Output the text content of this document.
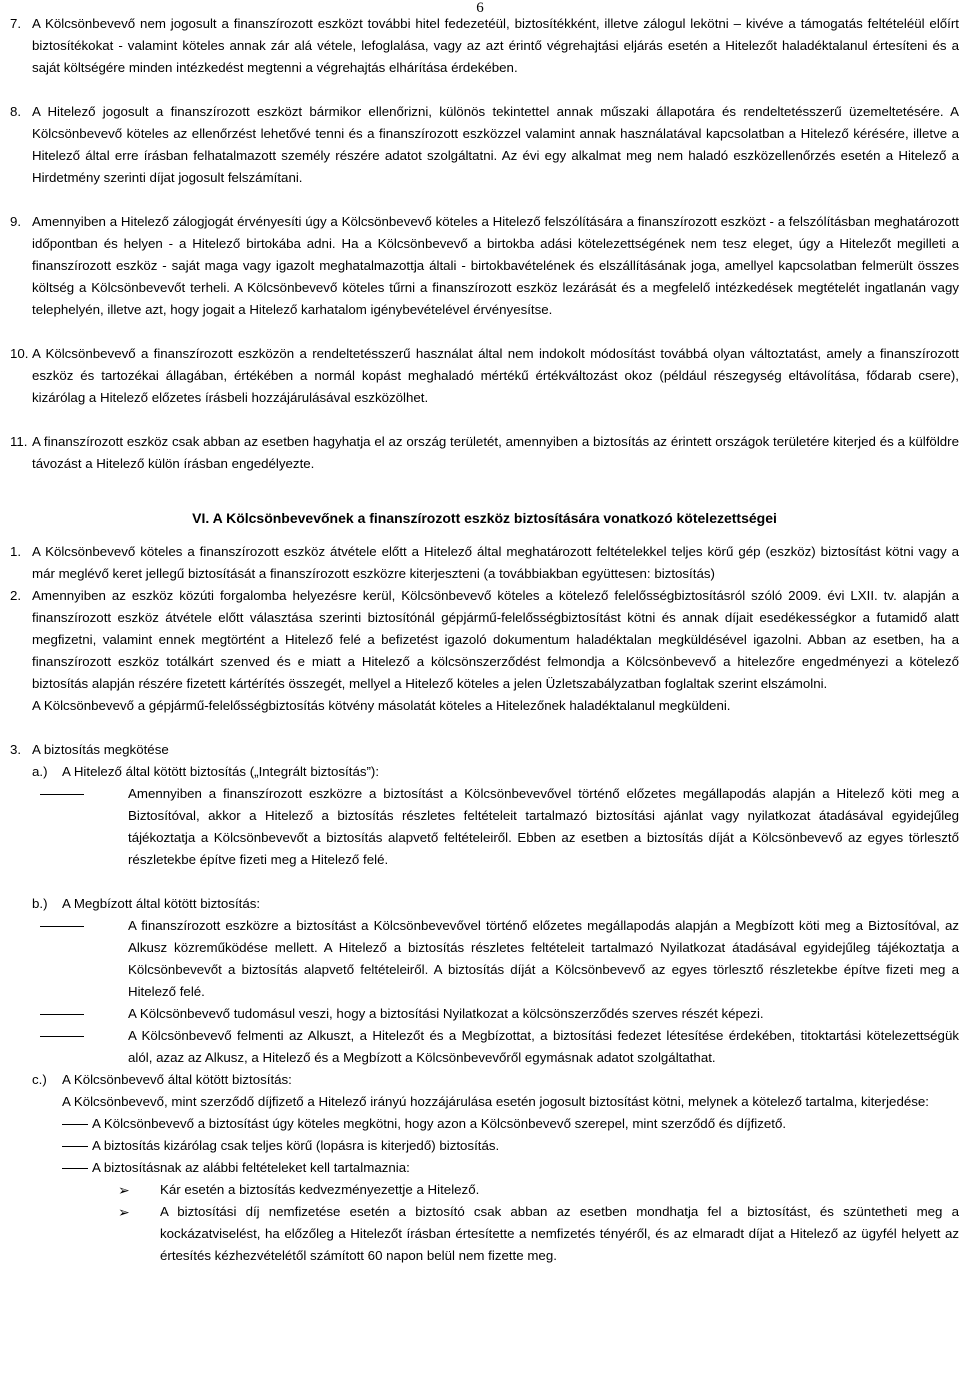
6
7. A Kölcsönbevevő nem jogosult a finanszírozott eszközt további hitel fedezetéül, biztosítékként, illetve zálogul lekötni – kivéve a támogatás feltételéül előírt biztosítékokat - valamint köteles annak zár alá vétele, lefoglalása, vagy az azt érintő végrehajtási eljárás esetén a Hitelezőt haladéktalanul értesíteni és a saját költségére minden intézkedést megtenni a végrehajtás elhárítása érdekében.
8. A Hitelező jogosult a finanszírozott eszközt bármikor ellenőrizni, különös tekintettel annak műszaki állapotára és rendeltetésszerű üzemeltetésére. A Kölcsönbevevő köteles az ellenőrzést lehetővé tenni és a finanszírozott eszközzel valamint annak használatával kapcsolatban a Hitelező kérésére, illetve a Hitelező által erre írásban felhatalmazott személy részére adatot szolgáltatni. Az évi egy alkalmat meg nem haladó eszközellenőrzés esetén a Hitelező a Hirdetmény szerinti díjat jogosult felszámítani.
9. Amennyiben a Hitelező zálogjogát érvényesíti úgy a Kölcsönbevevő köteles a Hitelező felszólítására a finanszírozott eszközt - a felszólításban meghatározott időpontban és helyen - a Hitelező birtokába adni. Ha a Kölcsönbevevő a birtokba adási kötelezettségének nem tesz eleget, úgy a Hitelezőt megilleti a finanszírozott eszköz - saját maga vagy igazolt meghatalmazottja általi - birtokbavételének és elszállításának joga, amellyel kapcsolatban felmerült összes költség a Kölcsönbevevőt terheli. A Kölcsönbevevő köteles tűrni a finanszírozott eszköz lezárását és a megfelelő intézkedések megtételét ingatlanán vagy telephelyén, illetve azt, hogy jogait a Hitelező karhatalom igénybevételével érvényesítse.
10. A Kölcsönbevevő a finanszírozott eszközön a rendeltetésszerű használat által nem indokolt módosítást továbbá olyan változtatást, amely a finanszírozott eszköz és tartozékai állagában, értékében a normál kopást meghaladó mértékű értékváltozást okoz (például részegység eltávolítása, fődarab csere), kizárólag a Hitelező előzetes írásbeli hozzájárulásával eszközölhet.
11. A finanszírozott eszköz csak abban az esetben hagyhatja el az ország területét, amennyiben a biztosítás az érintett országok területére kiterjed és a külföldre távozást a Hitelező külön írásban engedélyezte.
VI. A Kölcsönbevevőnek a finanszírozott eszköz biztosítására vonatkozó kötelezettségei
1. A Kölcsönbevevő köteles a finanszírozott eszköz átvétele előtt a Hitelező által meghatározott feltételekkel teljes körű gép (eszköz) biztosítást kötni vagy a már meglévő keret jellegű biztosítását a finanszírozott eszközre kiterjeszteni (a továbbiakban együttesen: biztosítás)
2. Amennyiben az eszköz közúti forgalomba helyezésre kerül, Kölcsönbevevő köteles a kötelező felelősségbiztosításról szóló 2009. évi LXII. tv. alapján a finanszírozott eszköz átvétele előtt választása szerinti biztosítónál gépjármű-felelősségbiztosítást kötni és annak díjait esedékességkor a futamidő alatt megfizetni, valamint ennek megtörtént a Hitelező felé a befizetést igazoló dokumentum haladéktalan megküldésével igazolni. Abban az esetben, ha a finanszírozott eszköz totálkárt szenved és e miatt a Hitelező a kölcsönszerződést felmondja a Kölcsönbevevő a hitelezőre engedményezi a kötelező biztosítás alapján részére fizetett kártérítés összegét, mellyel a Hitelező köteles a jelen Üzletszabályzatban foglaltak szerint elszámolni.
A Kölcsönbevevő a gépjármű-felelősségbiztosítás kötvény másolatát köteles a Hitelezőnek haladéktalanul megküldeni.
3. A biztosítás megkötése
a.) A Hitelező által kötött biztosítás („Integrált biztosítás”):
Amennyiben a finanszírozott eszközre a biztosítást a Kölcsönbevevővel történő előzetes megállapodás alapján a Hitelező köti meg a Biztosítóval, akkor a Hitelező a biztosítás részletes feltételeit tartalmazó biztosítási ajánlat vagy nyilatkozat átadásával egyidejűleg tájékoztatja a Kölcsönbevevőt a biztosítás alapvető feltételeiről. Ebben az esetben a biztosítás díját a Kölcsönbevevő az egyes törlesztő részletekbe építve fizeti meg a Hitelező felé.
b.) A Megbízott által kötött biztosítás:
A finanszírozott eszközre a biztosítást a Kölcsönbevevővel történő előzetes megállapodás alapján a Megbízott köti meg a Biztosítóval, az Alkusz közreműködése mellett. A Hitelező a biztosítás részletes feltételeit tartalmazó Nyilatkozat átadásával egyidejűleg tájékoztatja a Kölcsönbevevőt a biztosítás alapvető feltételeiről. A biztosítás díját a Kölcsönbevevő az egyes törlesztő részletekbe építve fizeti meg a Hitelező felé.
A Kölcsönbevevő tudomásul veszi, hogy a biztosítási Nyilatkozat a kölcsönszerződés szerves részét képezi.
A Kölcsönbevevő felmenti az Alkuszt, a Hitelezőt és a Megbízottat, a biztosítási fedezet létesítése érdekében, titoktartási kötelezettségük alól, azaz az Alkusz, a Hitelező és a Megbízott a Kölcsönbevevőről egymásnak adatot szolgáltathat.
c.) A Kölcsönbevevő által kötött biztosítás:
A Kölcsönbevevő, mint szerződő díjfizető a Hitelező irányú hozzájárulása esetén jogosult biztosítást kötni, melynek a kötelező tartalma, kiterjedése:
A Kölcsönbevevő a biztosítást úgy köteles megkötni, hogy azon a Kölcsönbevevő szerepel, mint szerződő és díjfizető.
A biztosítás kizárólag csak teljes körű (lopásra is kiterjedő) biztosítás.
A biztosításnak az alábbi feltételeket kell tartalmaznia:
➢ Kár esetén a biztosítás kedvezményezettje a Hitelező.
➢ A biztosítási díj nemfizetése esetén a biztosító csak abban az esetben mondhatja fel a biztosítást, és szüntetheti meg a kockázatviselést, ha előzőleg a Hitelezőt írásban értesítette a nemfizetés tényéről, és az elmaradt díjat a Hitelező az ügyfél helyett az értesítés kézhezvételétől számított 60 napon belül nem fizette meg.
